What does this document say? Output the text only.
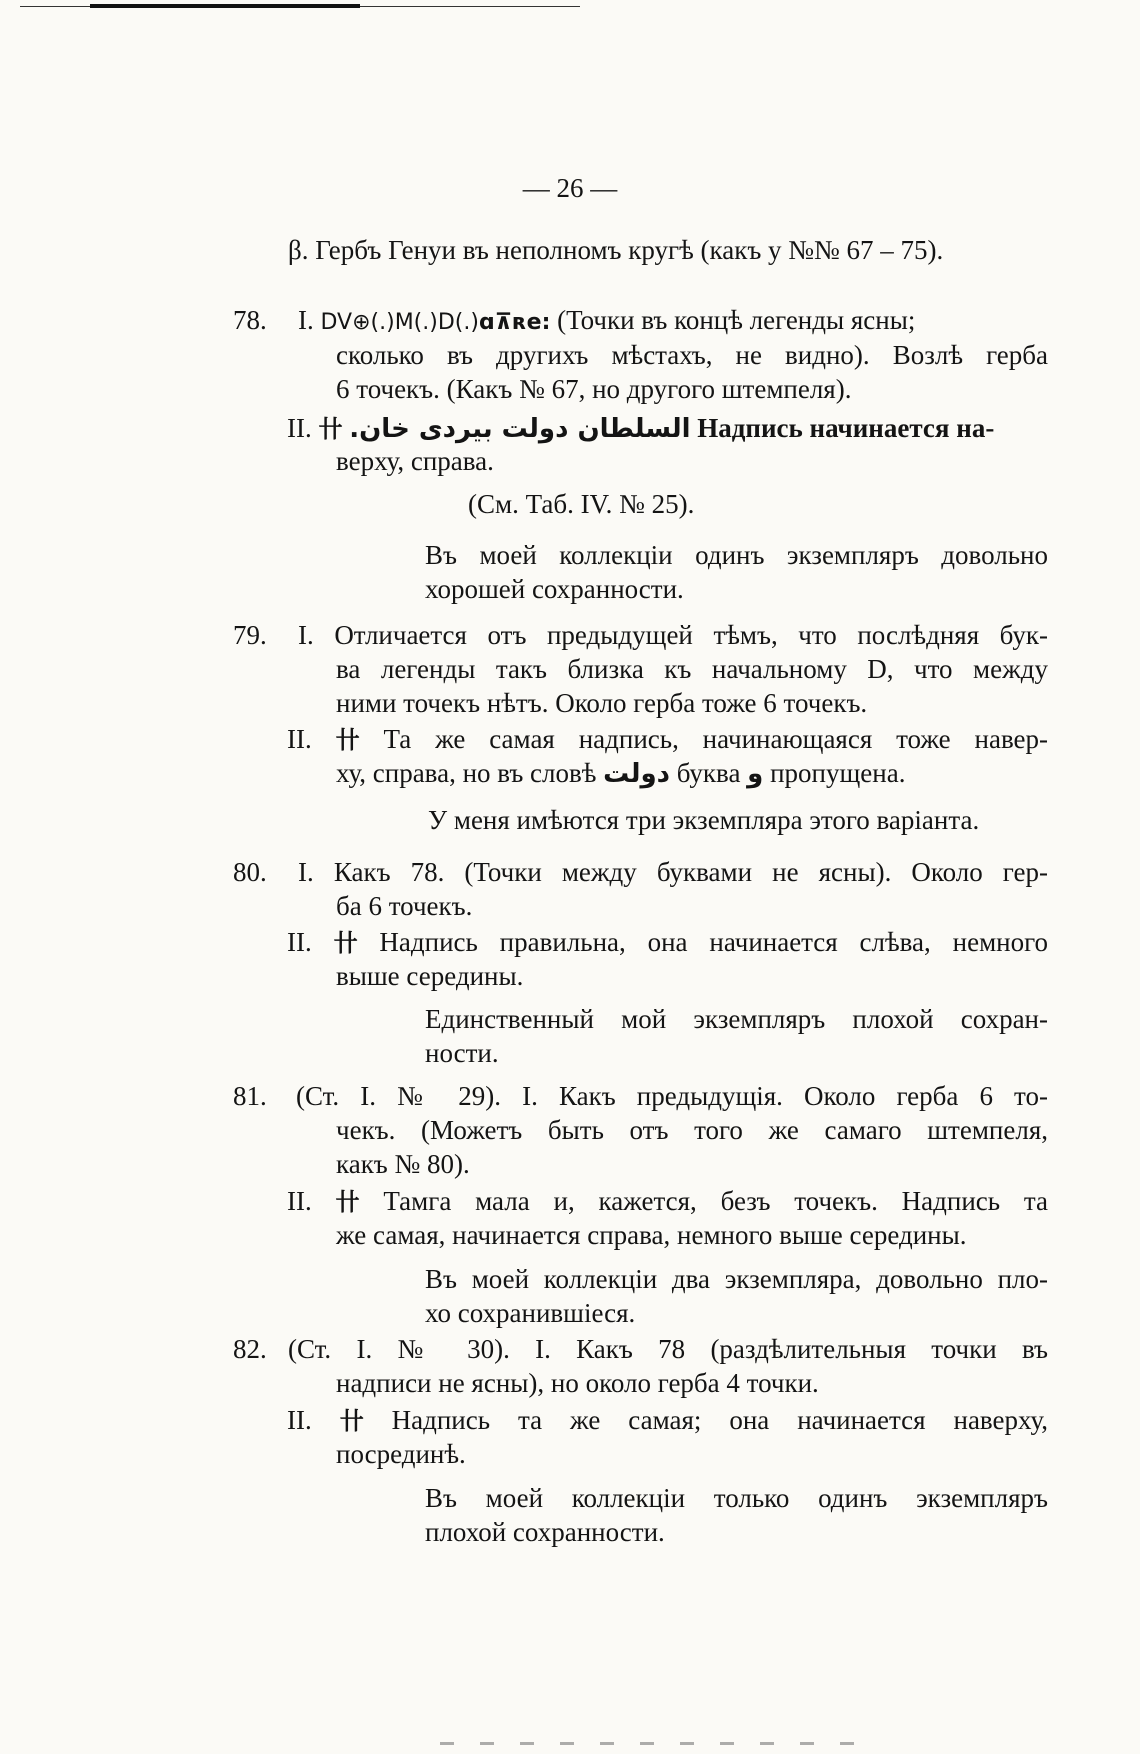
— 26 —
β. Гербъ Генуи въ неполномъ кругѣ (какъ у №№ 67 – 75).
78. I. DV⊕(.)M(.)D(.)ɑ⊼ʀe: (Точки въ концѣ легенды ясны;
сколько въ другихъ мѣстахъ, не видно). Возлѣ герба
6 точекъ. (Какъ № 67, но другого штемпеля).
II. 卄 السلطان دولت بيردى خان. Надпись начинается на-
верху, справа.
(См. Таб. IV. № 25).
Въ моей коллекціи одинъ экземпляръ довольно
хорошей сохранности.
79. I. Отличается отъ предыдущей тѣмъ, что послѣдняя бук-
ва легенды такъ близка къ начальному D, что между
ними точекъ нѣтъ. Около герба тоже 6 точекъ.
II. 卄 Та же самая надпись, начинающаяся тоже навер-
ху, справа, но въ словѣ دولت буква و пропущена.
У меня имѣются три экземпляра этого варіанта.
80. I. Какъ 78. (Точки между буквами не ясны). Около гер-
ба 6 точекъ.
II. 卄 Надпись правильна, она начинается слѣва, немного
выше середины.
Единственный мой экземпляръ плохой сохран-
ности.
81. (Ст. I. № 29). I. Какъ предыдущія. Около герба 6 то-
чекъ. (Можетъ быть отъ того же самаго штемпеля,
какъ № 80).
II. 卄 Тамга мала и, кажется, безъ точекъ. Надпись та
же самая, начинается справа, немного выше середины.
Въ моей коллекціи два экземпляра, довольно пло-
хо сохранившіеся.
82. (Ст. I. № 30). I. Какъ 78 (раздѣлительныя точки въ
надписи не ясны), но около герба 4 точки.
II. 卄 Надпись та же самая; она начинается наверху,
посрединѣ.
Въ моей коллекціи только одинъ экземпляръ
плохой сохранности.
